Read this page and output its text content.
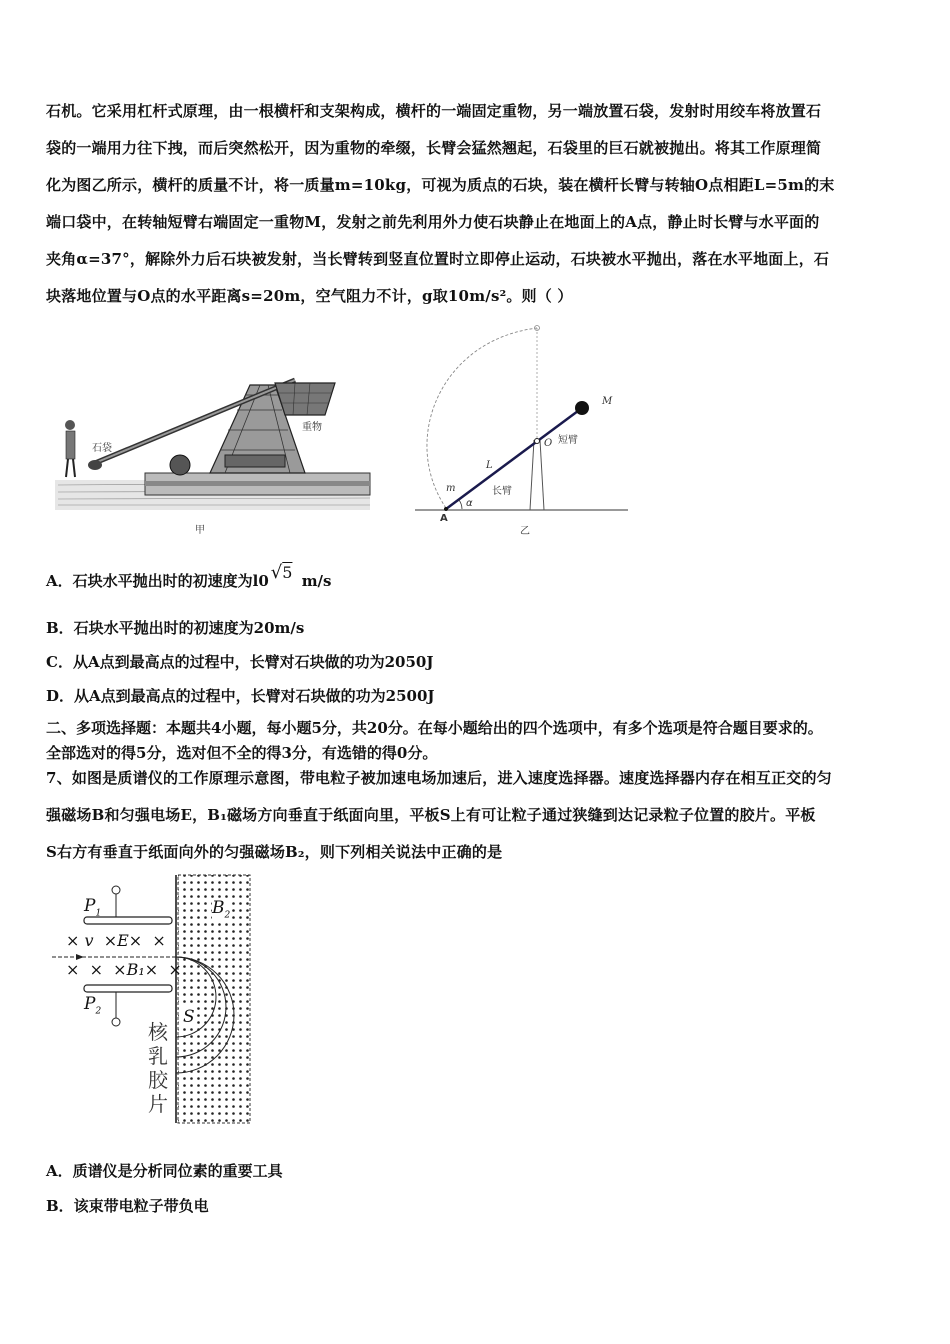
石机。它采用杠杆式原理，由一根横杆和支架构成，横杆的一端固定重物，另一端放置石袋，发射时用绞车将放置石
袋的一端用力往下拽，而后突然松开，因为重物的牵缀，长臂会猛然翘起，石袋里的巨石就被抛出。将其工作原理简
化为图乙所示，横杆的质量不计，将一质量m=10kg，可视为质点的石块，装在横杆长臂与转轴O点相距L=5m的末
端口袋中，在转轴短臂右端固定一重物M，发射之前先利用外力使石块静止在地面上的A点，静止时长臂与水平面的
夹角α=37°，解除外力后石块被发射，当长臂转到竖直位置时立即停止运动，石块被水平抛出，落在水平地面上，石
块落地位置与O点的水平距离s=20m，空气阻力不计，g取10m/s²。则（ ）
石袋
重物
甲
M
O 短臂
L
m	长臂
A
α
乙
A．石块水平抛出时的初速度为l0 √5 m/s
B．石块水平抛出时的初速度为20m/s
C．从A点到最高点的过程中，长臂对石块做的功为2050J
D．从A点到最高点的过程中，长臂对石块做的功为2500J
二、多项选择题：本题共4小题，每小题5分，共20分。在每小题给出的四个选项中，有多个选项是符合题目要求的。
全部选对的得5分，选对但不全的得3分，有选错的得0分。
7、如图是质谱仪的工作原理示意图，带电粒子被加速电场加速后，进入速度选择器。速度选择器内存在相互正交的匀
强磁场B和匀强电场E，B₁磁场方向垂直于纸面向里，平板S上有可让粒子通过狭缝到达记录粒子位置的胶片。平板
S右方有垂直于纸面向外的匀强磁场B₂，则下列相关说法中正确的是
$P_1$
$P_2$
$B_2$
× v  ×E×  ×
×  ×  ×B₁×  ×
S
核
乳
胶
片
A．质谱仪是分析同位素的重要工具
B．该束带电粒子带负电
